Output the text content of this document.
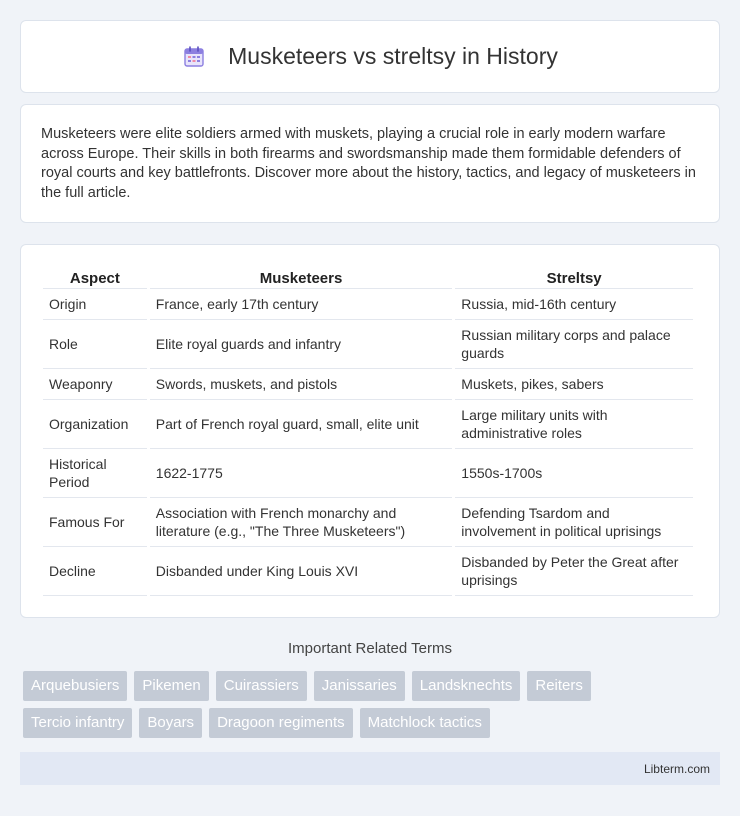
Musketeers vs streltsy in History

Musketeers were elite soldiers armed with muskets, playing a crucial role in early modern warfare across Europe. Their skills in both firearms and swordsmanship made them formidable defenders of royal courts and key battlefronts. Discover more about the history, tactics, and legacy of musketeers in the full article.

Aspect	Musketeers	Streltsy
Origin	France, early 17th century	Russia, mid-16th century
Role	Elite royal guards and infantry	Russian military corps and palace guards
Weaponry	Swords, muskets, and pistols	Muskets, pikes, sabers
Organization	Part of French royal guard, small, elite unit	Large military units with administrative roles
Historical Period	1622-1775	1550s-1700s
Famous For	Association with French monarchy and literature (e.g., "The Three Musketeers")	Defending Tsardom and involvement in political uprisings
Decline	Disbanded under King Louis XVI	Disbanded by Peter the Great after uprisings
Important Related Terms
Arquebusiers	Pikemen	Cuirassiers	Janissaries	Landsknechts	Reiters
Tercio infantry	Boyars	Dragoon regiments	Matchlock tactics
Libterm.com
